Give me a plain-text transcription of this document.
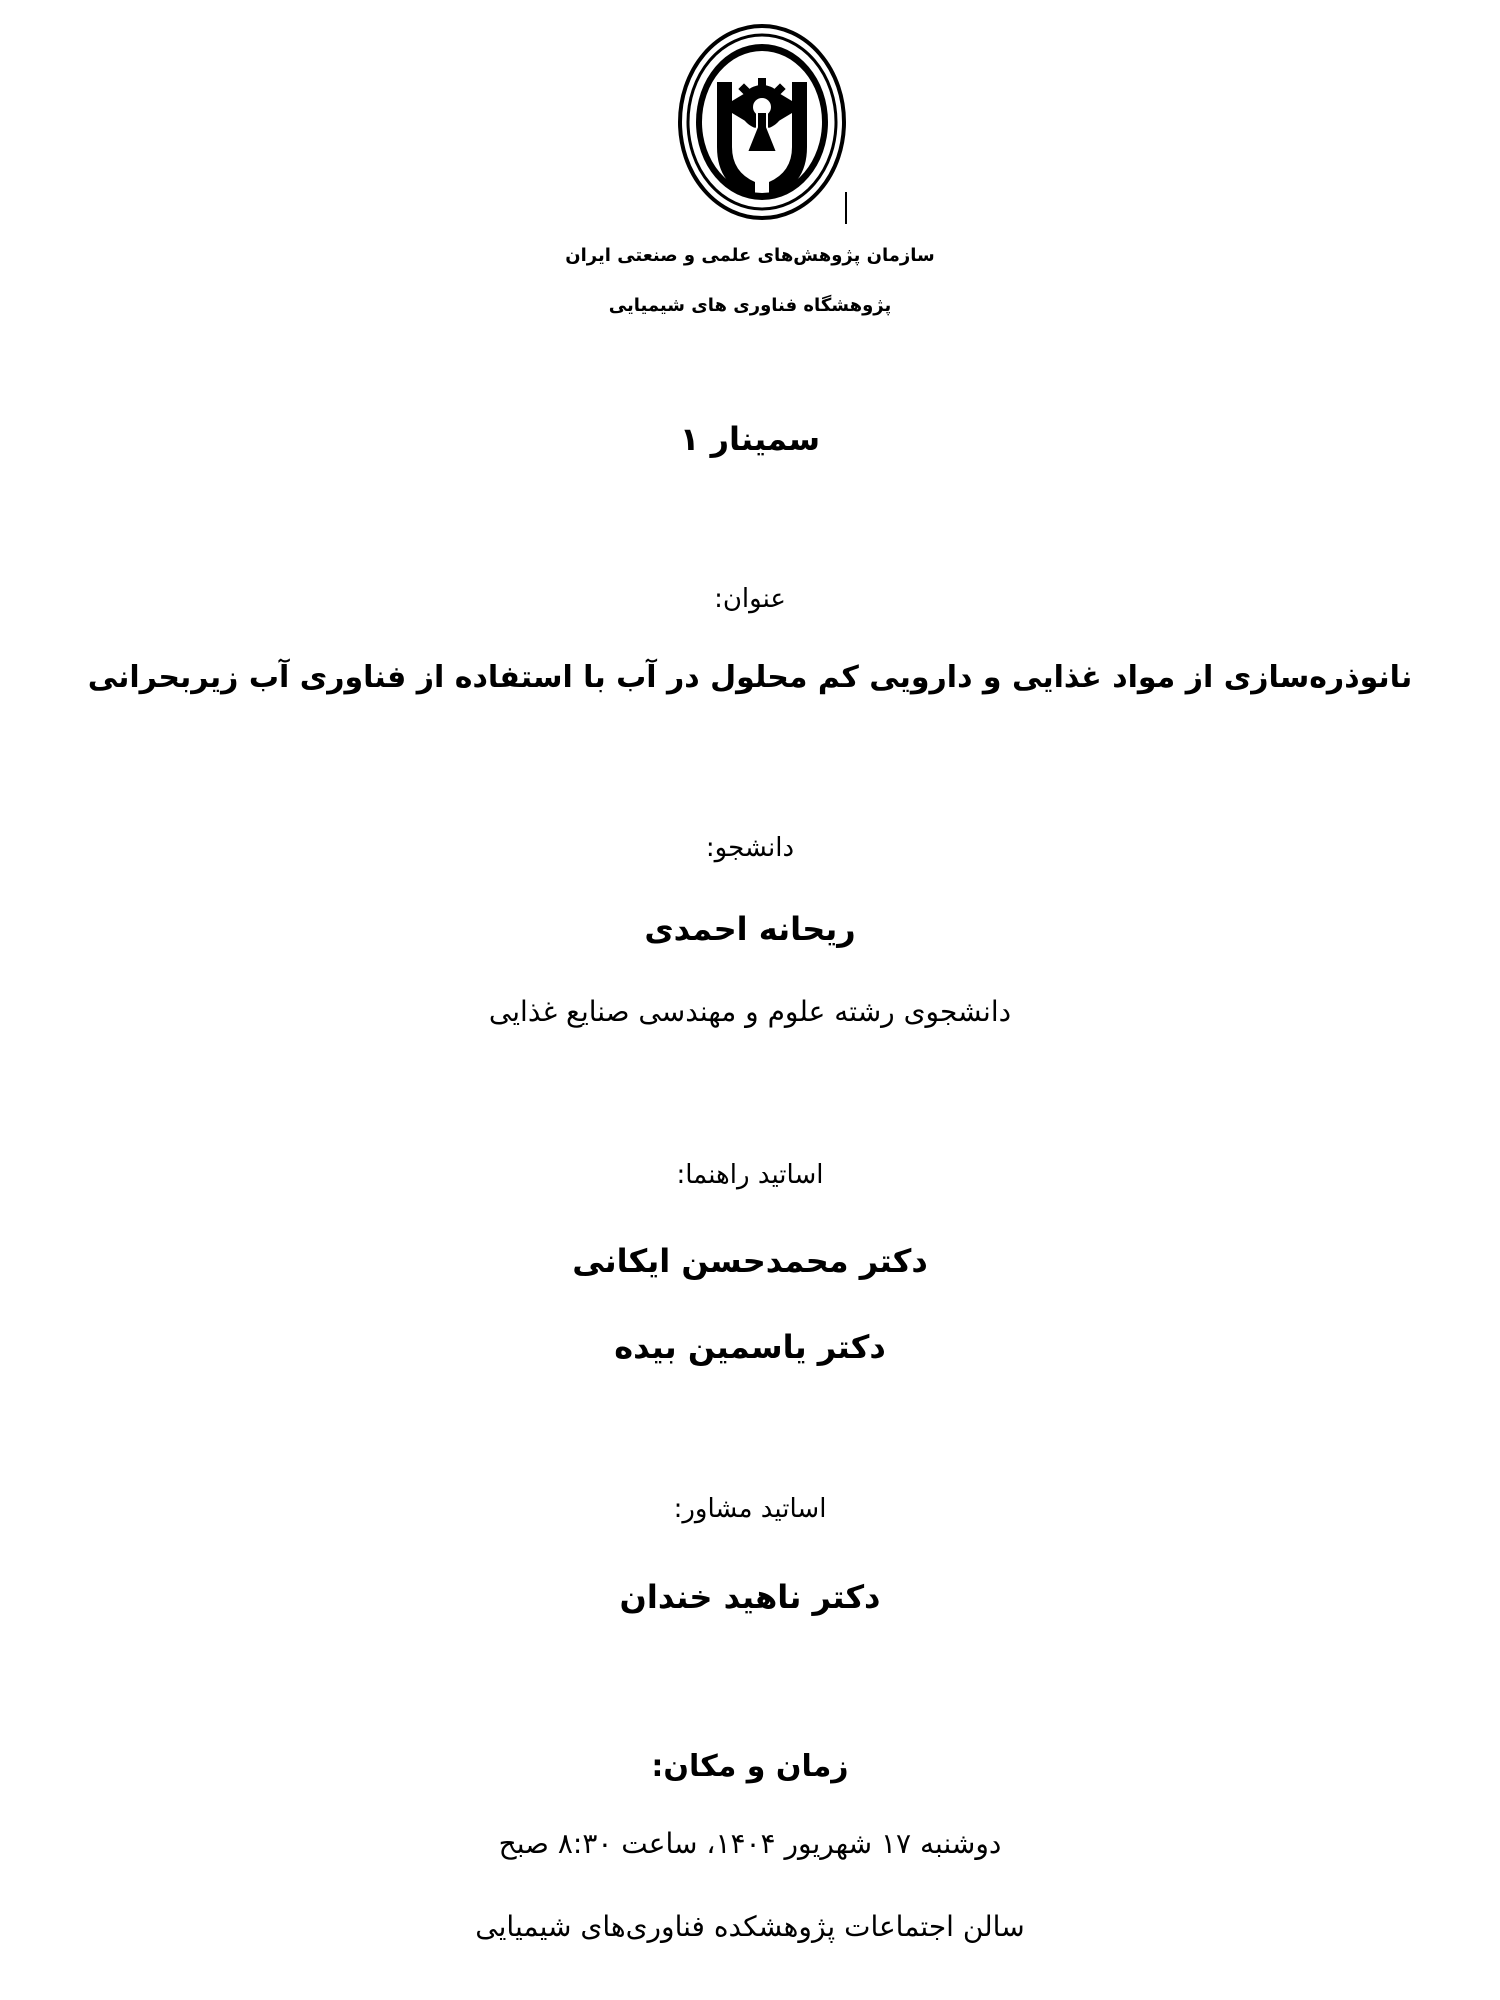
سازمان پژوهش‌های علمی و صنعتی ایران
پژوهشگاه فناوری های شیمیایی
سمینار ۱
عنوان:
نانوذره‌سازی از مواد غذایی و دارویی کم محلول در آب با استفاده از فناوری آب زیربحرانی
دانشجو:
ریحانه احمدی
دانشجوی رشته علوم و مهندسی صنایع غذایی
اساتید راهنما:
دکتر محمدحسن ایکانی
دکتر یاسمین بیده
اساتید مشاور:
دکتر ناهید خندان
زمان و مکان:
دوشنبه ۱۷ شهریور ۱۴۰۴، ساعت ۸:۳۰ صبح
سالن اجتماعات پژوهشکده فناوری‌های شیمیایی
